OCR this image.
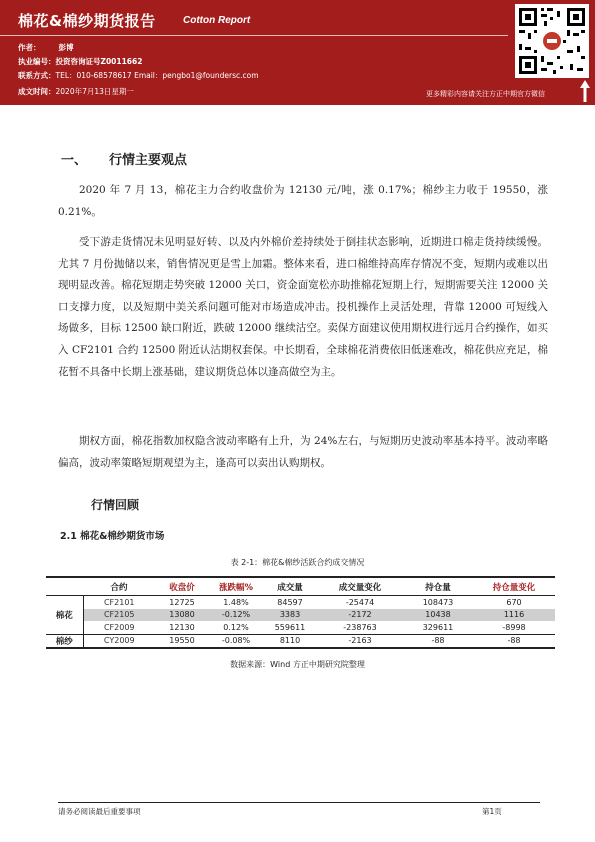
棉花&棉纱期货报告	Cotton Report
作者： 彭博
执业编号：投资咨询证号Z0011662
联系方式：TEL：010-68578617 Email：pengbo1@foundersc.com
成文时间：2020年7月13日星期一	更多精彩内容请关注方正中期官方微信
一、 行情主要观点

2020 年 7 月 13，棉花主力合约收盘价为 12130 元/吨，涨 0.17%；棉纱主力收于 19550，涨 0.21%。

受下游走货情况未见明显好转、以及内外棉价差持续处于倒挂状态影响，近期进口棉走货持续缓慢。尤其 7 月份抛储以来，销售情况更是雪上加霜。整体来看，进口棉维持高库存情况不变，短期内或难以出现明显改善。棉花短期走势突破 12000 关口，资金面宽松亦助推棉花短期上行，短期需要关注 12000 关口支撑力度，以及短期中美关系问题可能对市场造成冲击。投机操作上灵活处理，背靠 12000 可短线入场做多，目标 12500 缺口附近，跌破 12000 继续沽空。卖保方面建议使用期权进行远月合约操作，如买入 CF2101 合约 12500 附近认沽期权套保。中长期看，全球棉花消费依旧低迷难改，棉花供应充足，棉花暂不具备中长期上涨基础，建议期货总体以逢高做空为主。

期权方面，棉花指数加权隐含波动率略有上升，为 24%左右，与短期历史波动率基本持平。波动率略偏高，波动率策略短期观望为主，逢高可以卖出认购期权。

行情回顾
2.1 棉花&棉纱期货市场
表 2-1：棉花&棉纱活跃合约成交情况
	合约	收盘价	涨跌幅%	成交量	成交量变化	持仓量	持仓量变化
棉花	CF2101	12725	1.48%	84597	-25474	108473	670
	CF2105	13080	-0.12%	3383	-2172	10438	1116
	CF2009	12130	0.12%	559611	-238763	329611	-8998
棉纱	CY2009	19550	-0.08%	8110	-2163	-88	-88
数据来源：Wind 方正中期研究院整理
请务必阅读最后重要事项	第1页
